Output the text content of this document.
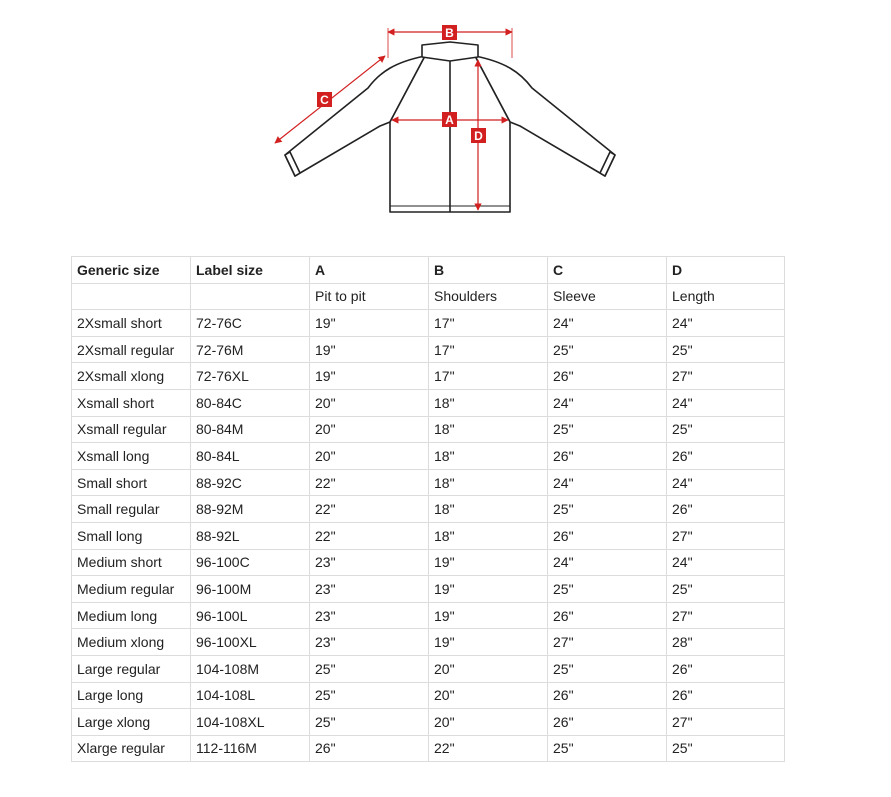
B
A
C
D
Generic size	Label size	A	B	C	D
		Pit to pit	Shoulders	Sleeve	Length
2Xsmall short	72-76C	19"	17"	24"	24"
2Xsmall regular	72-76M	19"	17"	25"	25"
2Xsmall xlong	72-76XL	19"	17"	26"	27"
Xsmall short	80-84C	20"	18"	24"	24"
Xsmall regular	80-84M	20"	18"	25"	25"
Xsmall long	80-84L	20"	18"	26"	26"
Small short	88-92C	22"	18"	24"	24"
Small regular	88-92M	22"	18"	25"	26"
Small long	88-92L	22"	18"	26"	27"
Medium short	96-100C	23"	19"	24"	24"
Medium regular	96-100M	23"	19"	25"	25"
Medium long	96-100L	23"	19"	26"	27"
Medium xlong	96-100XL	23"	19"	27"	28"
Large regular	104-108M	25"	20"	25"	26"
Large long	104-108L	25"	20"	26"	26"
Large xlong	104-108XL	25"	20"	26"	27"
Xlarge regular	112-116M	26"	22"	25"	25"
